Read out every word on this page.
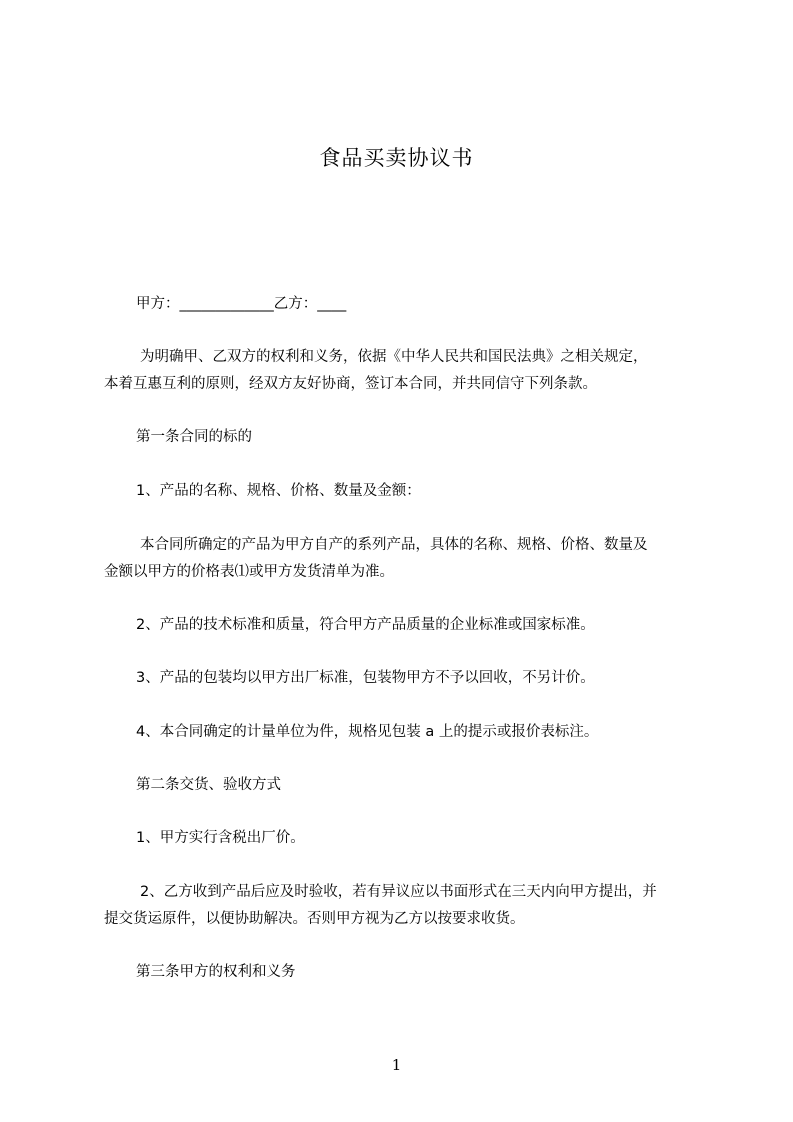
食品买卖协议书
甲方：_____________乙方：____
为明确甲、乙双方的权利和义务，依据《中华人民共和国民法典》之相关规定，
本着互惠互利的原则，经双方友好协商，签订本合同，并共同信守下列条款。
第一条合同的标的
1、产品的名称、规格、价格、数量及金额：
本合同所确定的产品为甲方自产的系列产品，具体的名称、规格、价格、数量及
金额以甲方的价格表⑴或甲方发货清单为准。
2、产品的技术标准和质量，符合甲方产品质量的企业标准或国家标准。
3、产品的包装均以甲方出厂标准，包装物甲方不予以回收，不另计价。
4、本合同确定的计量单位为件，规格见包装 a 上的提示或报价表标注。
第二条交货、验收方式
1、甲方实行含税出厂价。
2、乙方收到产品后应及时验收，若有异议应以书面形式在三天内向甲方提出，并
提交货运原件，以便协助解决。否则甲方视为乙方以按要求收货。
第三条甲方的权利和义务
1
